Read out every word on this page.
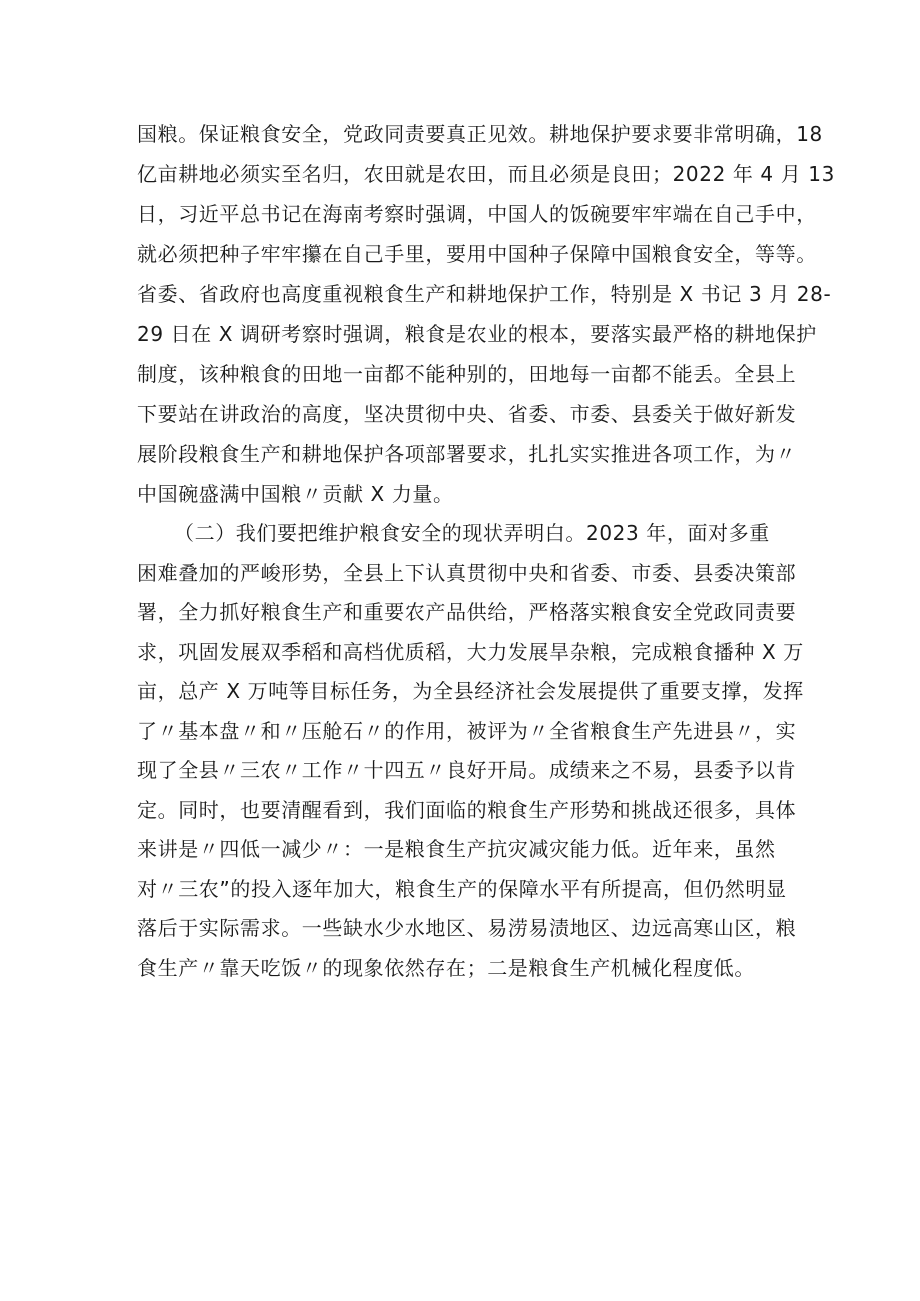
国粮。保证粮食安全，党政同责要真正见效。耕地保护要求要非常明确，18
亿亩耕地必须实至名归，农田就是农田，而且必须是良田；2022 年 4 月 13
日，习近平总书记在海南考察时强调，中国人的饭碗要牢牢端在自己手中，
就必须把种子牢牢攥在自己手里，要用中国种子保障中国粮食安全，等等。
省委、省政府也高度重视粮食生产和耕地保护工作，特别是 X 书记 3 月 28-
29 日在 X 调研考察时强调，粮食是农业的根本，要落实最严格的耕地保护
制度，该种粮食的田地一亩都不能种别的，田地每一亩都不能丢。全县上
下要站在讲政治的高度，坚决贯彻中央、省委、市委、县委关于做好新发
展阶段粮食生产和耕地保护各项部署要求，扎扎实实推进各项工作，为〃
中国碗盛满中国粮〃贡献 X 力量。
（二）我们要把维护粮食安全的现状弄明白。2023 年，面对多重
困难叠加的严峻形势，全县上下认真贯彻中央和省委、市委、县委决策部
署，全力抓好粮食生产和重要农产品供给，严格落实粮食安全党政同责要
求，巩固发展双季稻和高档优质稻，大力发展旱杂粮，完成粮食播种 X 万
亩，总产 X 万吨等目标任务，为全县经济社会发展提供了重要支撑，发挥
了〃基本盘〃和〃压舱石〃的作用，被评为〃全省粮食生产先进县〃，实
现了全县〃三农〃工作〃十四五〃良好开局。成绩来之不易，县委予以肯
定。同时，也要清醒看到，我们面临的粮食生产形势和挑战还很多，具体
来讲是〃四低一减少〃：一是粮食生产抗灾减灾能力低。近年来，虽然
对〃三农”的投入逐年加大，粮食生产的保障水平有所提高，但仍然明显
落后于实际需求。一些缺水少水地区、易涝易渍地区、边远高寒山区，粮
食生产〃靠天吃饭〃的现象依然存在；二是粮食生产机械化程度低。
